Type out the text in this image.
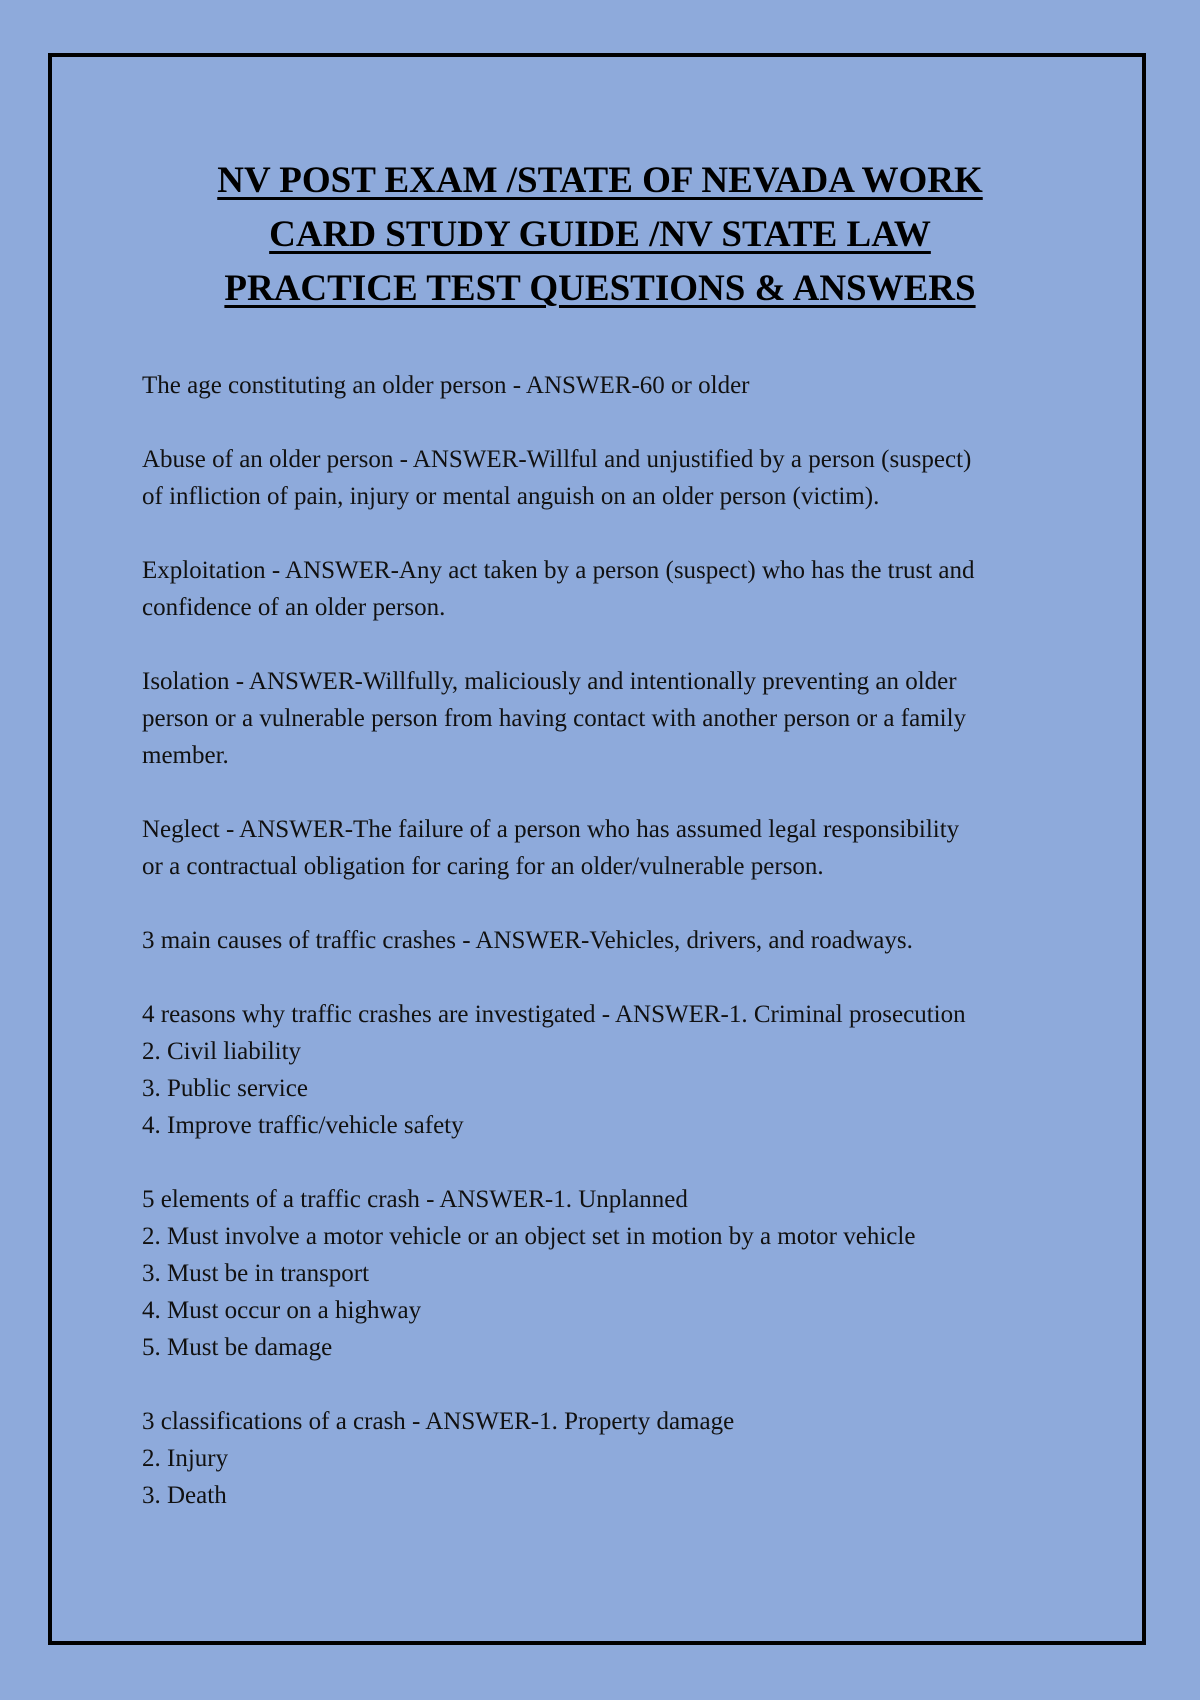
NV POST EXAM /STATE OF NEVADA WORK
CARD STUDY GUIDE /NV STATE LAW
PRACTICE TEST QUESTIONS & ANSWERS
The age constituting an older person - ANSWER-60 or older
Abuse of an older person - ANSWER-Willful and unjustified by a person (suspect)
of infliction of pain, injury or mental anguish on an older person (victim).
Exploitation - ANSWER-Any act taken by a person (suspect) who has the trust and
confidence of an older person.
Isolation - ANSWER-Willfully, maliciously and intentionally preventing an older
person or a vulnerable person from having contact with another person or a family
member.
Neglect - ANSWER-The failure of a person who has assumed legal responsibility
or a contractual obligation for caring for an older/vulnerable person.
3 main causes of traffic crashes - ANSWER-Vehicles, drivers, and roadways.
4 reasons why traffic crashes are investigated - ANSWER-1. Criminal prosecution
2. Civil liability
3. Public service
4. Improve traffic/vehicle safety
5 elements of a traffic crash - ANSWER-1. Unplanned
2. Must involve a motor vehicle or an object set in motion by a motor vehicle
3. Must be in transport
4. Must occur on a highway
5. Must be damage
3 classifications of a crash - ANSWER-1. Property damage
2. Injury
3. Death
